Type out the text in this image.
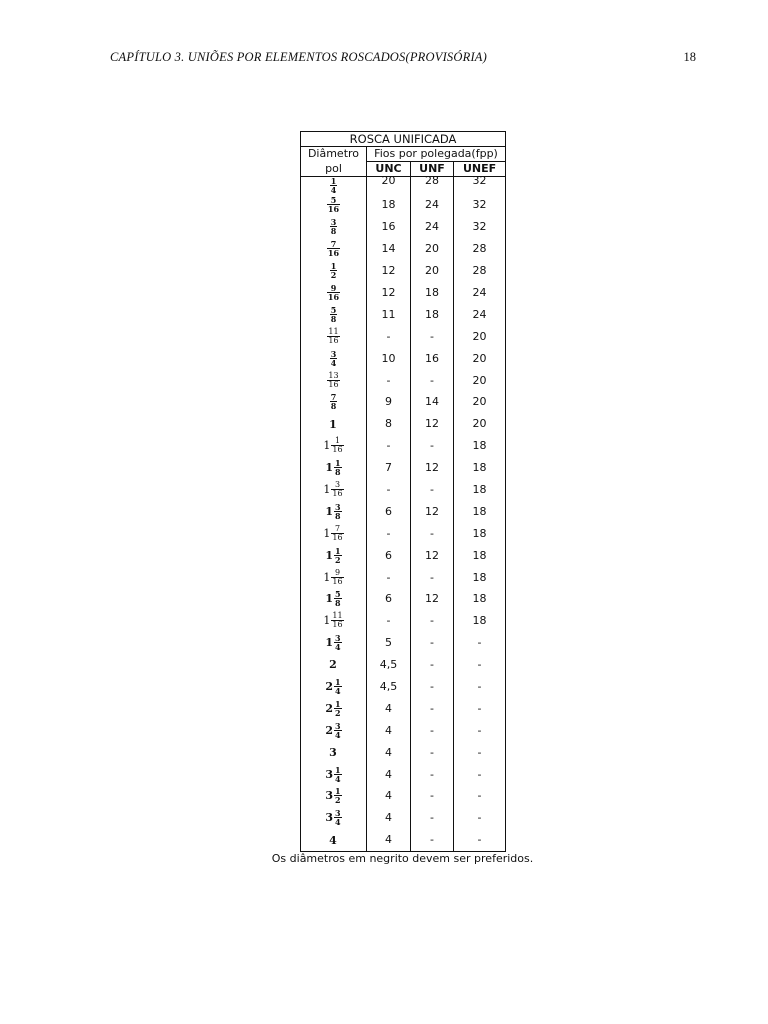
CAPÍTULO 3. UNIÕES POR ELEMENTOS ROSCADOS(PROVISÓRIA)	18
ROSCA UNIFICADA			
Diâmetro	Fios por polegada(fpp)		
pol	UNC	UNF	UNEF

$\frac{1}{4}$	20	28	32

$\frac{5}{16}$	18	24	32

$\frac{3}{8}$	16	24	32

$\frac{7}{16}$	14	20	28

$\frac{1}{2}$	12	20	28

$\frac{9}{16}$	12	18	24

$\frac{5}{8}$	11	18	24

$\frac{11}{16}$	-	-	20

$\frac{3}{4}$	10	16	20

$\frac{13}{16}$	-	-	20

$\frac{7}{8}$	9	14	20
1	8	12	20
$1 \frac{1}{16}$	-	-	18
$1 \frac{1}{8}$	7	12	18
$1 \frac{3}{16}$	-	-	18
$1 \frac{3}{8}$	6	12	18
$1 \frac{7}{16}$	-	-	18
$1 \frac{1}{2}$	6	12	18
$1 \frac{9}{16}$	-	-	18
$1 \frac{5}{8}$	6	12	18
$1 \frac{11}{16}$	-	-	18
$1 \frac{3}{4}$	5	-	-
2	4,5	-	-
$2 \frac{1}{4}$	4,5	-	-
$2 \frac{1}{2}$	4	-	-
$2 \frac{3}{4}$	4	-	-
3	4	-	-
$3 \frac{1}{4}$	4	-	-
$3 \frac{1}{2}$	4	-	-
$3 \frac{3}{4}$	4	-	-
4	4	-	-
Os diâmetros em negrito devem ser preferidos.
